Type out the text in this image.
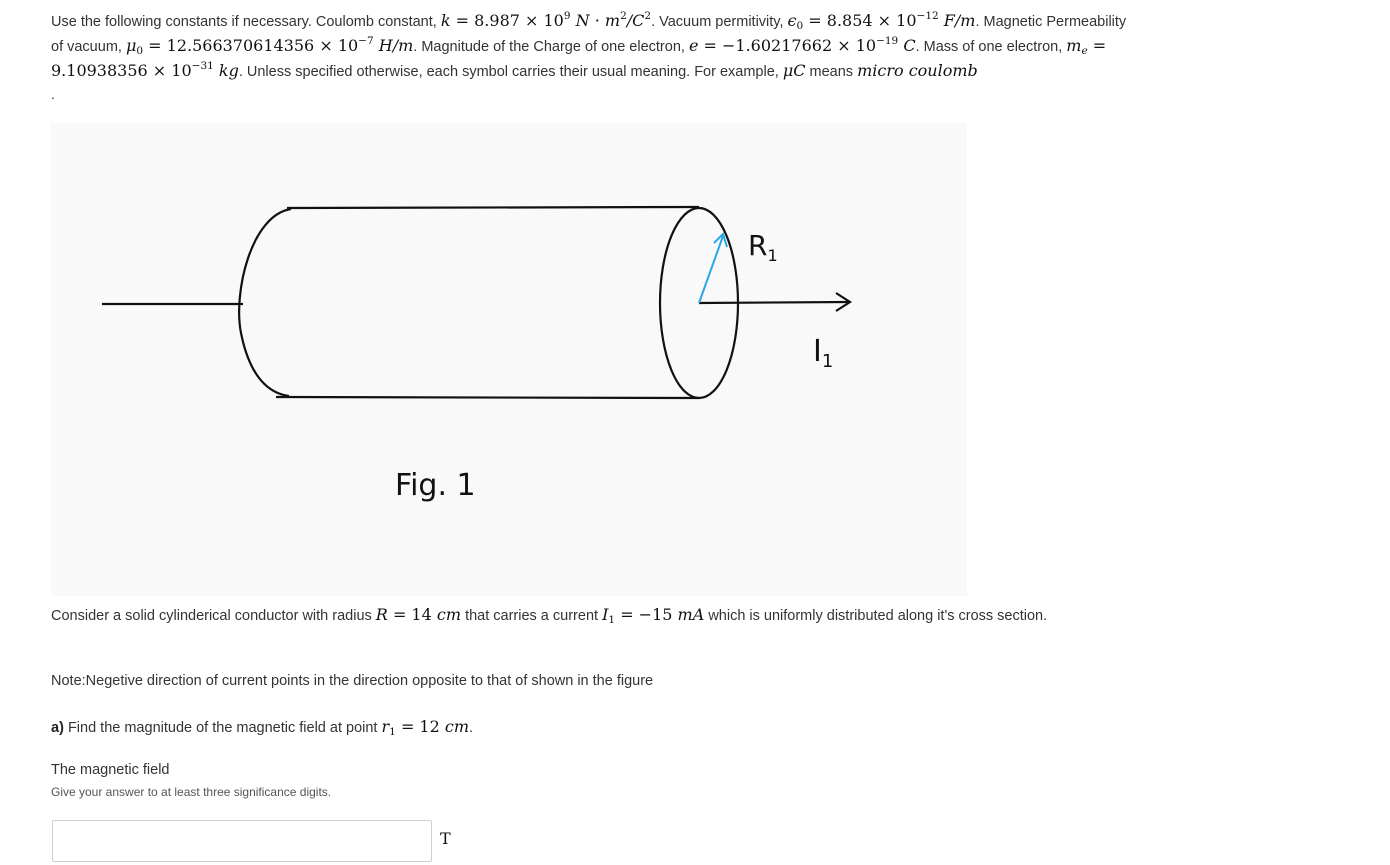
Use the following constants if necessary. Coulomb constant, $k = 8.987 \times 10^9$ $N \cdot m^2/C^2$. Vacuum permitivity, $\epsilon_0 = 8.854 \times 10^{-12}$ F/m. Magnetic Permeability of vacuum, $\mu_0 = 12.566370614356 \times 10^{-7}$ H/m. Magnitude of the Charge of one electron, $e = -1.60217662 \times 10^{-19}$ C. Mass of one electron, $m_e = 9.10938356 \times 10^{-31}$ kg. Unless specified otherwise, each symbol carries their usual meaning. For example, μC means micro coulomb
.
$R_1$
$I_1$
Fig. 1
Consider a solid cylinderical conductor with radius R = 14 cm that carries a current $I_1 = -15$ mA which is uniformly distributed along it's cross section.
Note:Negetive direction of current points in the direction opposite to that of shown in the figure
a) Find the magnitude of the magnetic field at point $r_1 = 12$ cm.
The magnetic field
Give your answer to at least three significance digits.
T
